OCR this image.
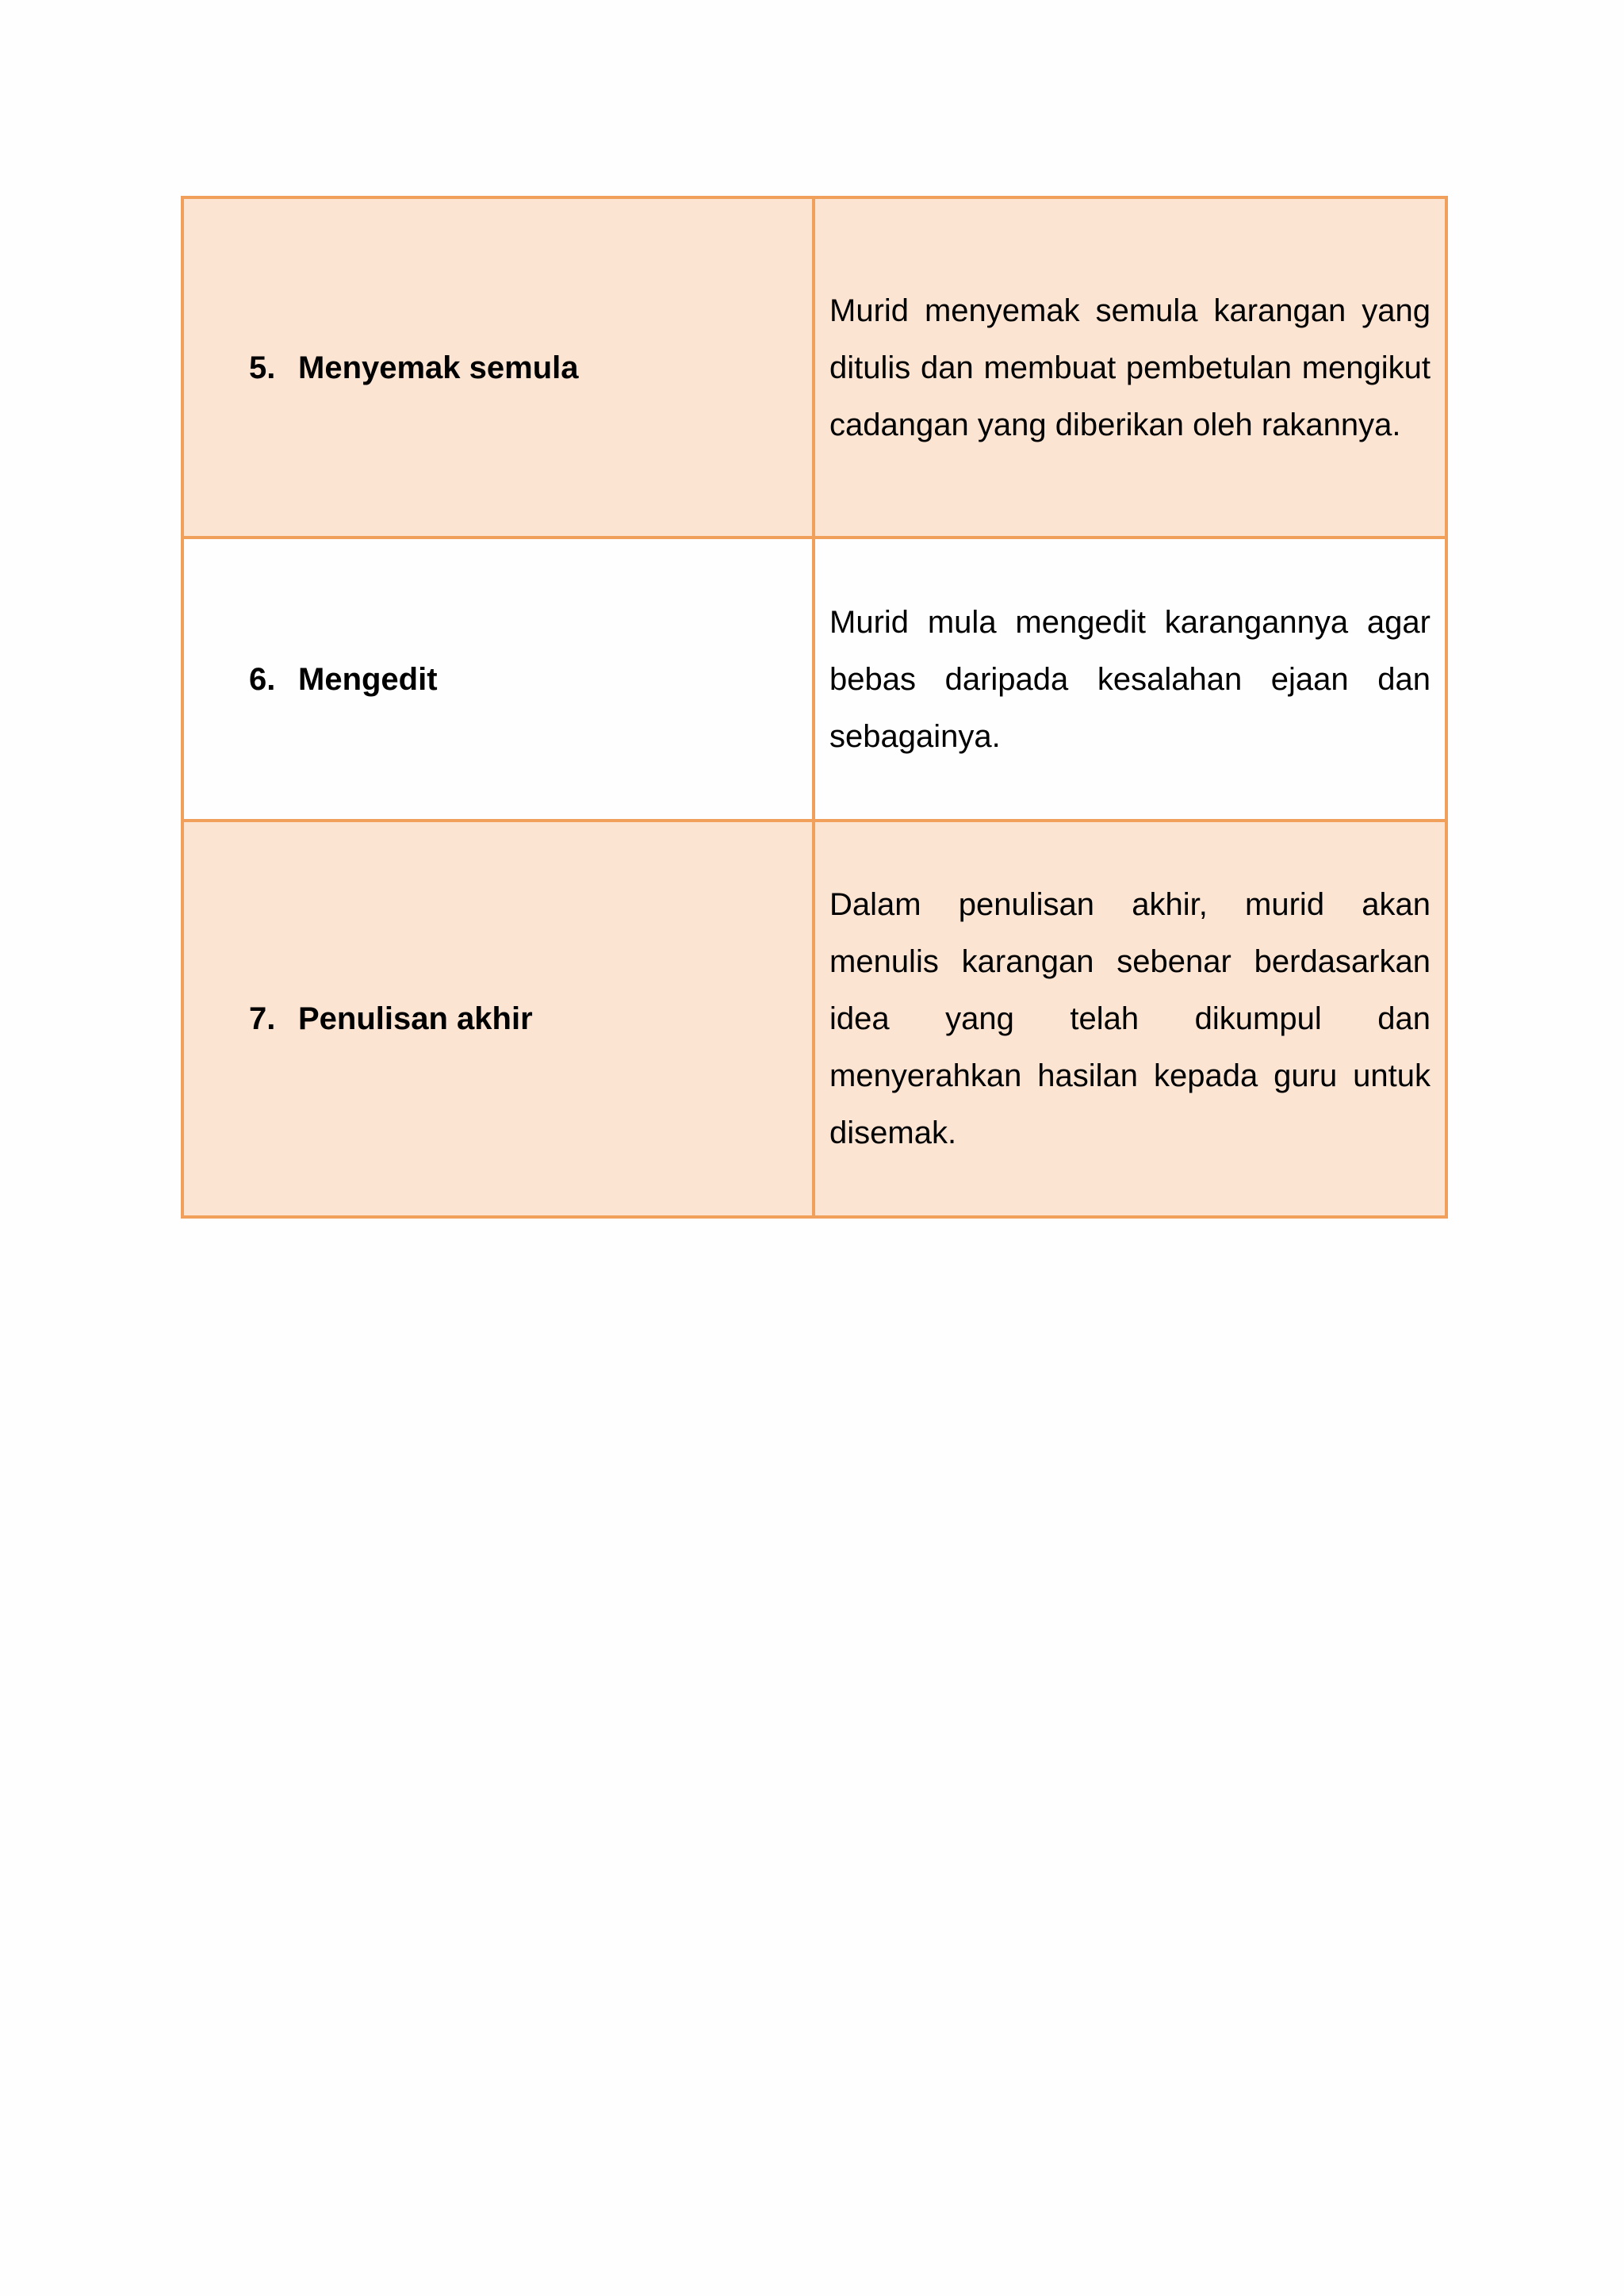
5. Menyemak semula	Murid menyemak semula karangan yang ditulis dan membuat pembetulan mengikut cadangan yang diberikan oleh rakannya.

6. Mengedit	Murid mula mengedit karangannya agar bebas daripada kesalahan ejaan dan sebagainya.

7. Penulisan akhir	Dalam penulisan akhir, murid akan menulis karangan sebenar berdasarkan idea yang telah dikumpul dan menyerahkan hasilan kepada guru untuk disemak.
